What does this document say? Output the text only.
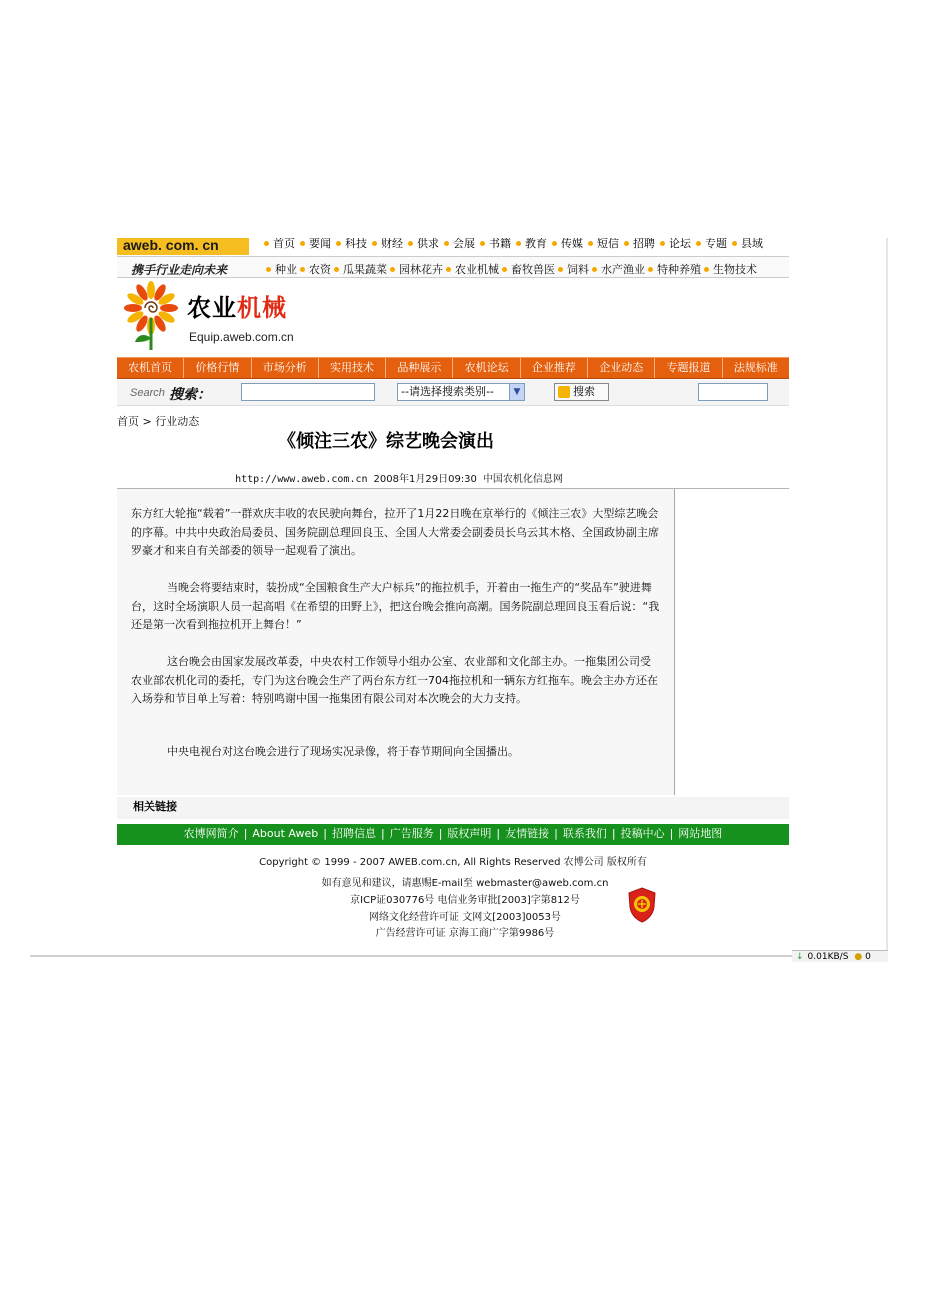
↓ 0.01KB/S ● 0
aweb. com. cn	首页 要闻 科技 财经 供求 会展 书籍 教育 传媒 短信 招聘 论坛 专题 县域
携手行业走向未来	种业 农资 瓜果蔬菜 园林花卉 农业机械 畜牧兽医 饲料 水产渔业 特种养殖 生物技术
农业机械
Equip.aweb.com.cn
农机首页	价格行情	市场分析	实用技术	品种展示	农机论坛	企业推荐	企业动态	专题报道	法规标准
Search 搜索：	--请选择搜索类别--	▼	搜索
首页 > 行业动态
《倾注三农》综艺晚会演出
http://www.aweb.com.cn 2008年1月29日09:30 中国农机化信息网

东方红大轮拖“载着”一群欢庆丰收的农民驶向舞台，拉开了1月22日晚在京举行的《倾注三农》大型综艺晚会的序幕。中共中央政治局委员、国务院副总理回良玉、全国人大常委会副委员长乌云其木格、全国政协副主席罗豪才和来自有关部委的领导一起观看了演出。

当晚会将要结束时，装扮成“全国粮食生产大户标兵”的拖拉机手，开着由一拖生产的“奖品车”驶进舞台，这时全场演职人员一起高唱《在希望的田野上》，把这台晚会推向高潮。国务院副总理回良玉看后说：“我还是第一次看到拖拉机开上舞台！”

这台晚会由国家发展改革委，中央农村工作领导小组办公室、农业部和文化部主办。一拖集团公司受农业部农机化司的委托，专门为这台晚会生产了两台东方红一704拖拉机和一辆东方红拖车。晚会主办方还在入场券和节目单上写着：特别鸣谢中国一拖集团有限公司对本次晚会的大力支持。

中央电视台对这台晚会进行了现场实况录像，将于春节期间向全国播出。

相关链接
农博网简介 | About Aweb | 招聘信息 | 广告服务 | 版权声明 | 友情链接 | 联系我们 | 投稿中心 | 网站地图
Copyright © 1999 - 2007 AWEB.com.cn, All Rights Reserved 农博公司 版权所有
如有意见和建议，请惠赐E-mail至 webmaster@aweb.com.cn
京ICP证030776号 电信业务审批[2003]字第812号
网络文化经营许可证 文网文[2003]0053号
广告经营许可证 京海工商广字第9986号
